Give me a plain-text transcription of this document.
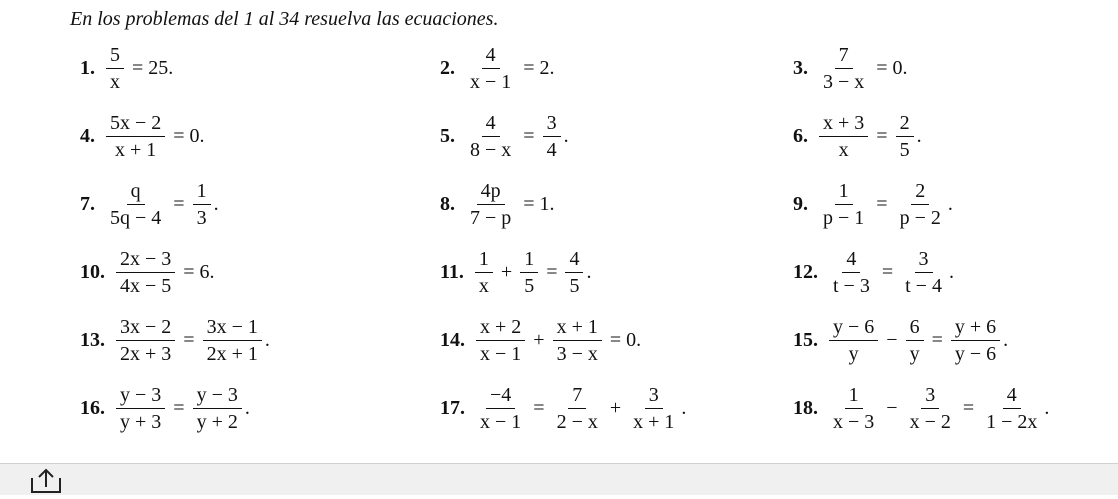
En los problemas del 1 al 34 resuelva las ecuaciones.
1. $\frac{5}{x} = 25$.	2. $\frac{4}{x - 1} = 2$.	3. $\frac{7}{3 - x} = 0$.
4. $\frac{5x - 2}{x + 1} = 0$.	5. $\frac{4}{8 - x} = \frac{3}{4}$ .	6. $\frac{x + 3}{x} = \frac{2}{5}$ .
7. $\frac{q}{5q - 4} = \frac{1}{3}$ .	8. $\frac{4p}{7 - p} = 1$.	9. $\frac{1}{p - 1} = \frac{2}{p - 2}$ .
10. $\frac{2x - 3}{4x - 5} = 6$.	11. $\frac{1}{x} + \frac{1}{5} = \frac{4}{5}$ .	12. $\frac{4}{t - 3} = \frac{3}{t - 4}$ .
13. $\frac{3x - 2}{2x + 3} = \frac{3x - 1}{2x + 1}$ .	14. $\frac{x + 2}{x - 1} + \frac{x + 1}{3 - x} = 0$.	15. $\frac{y - 6}{y} - \frac{6}{y} = \frac{y + 6}{y - 6}$ .
16. $\frac{y - 3}{y + 3} = \frac{y - 3}{y + 2}$ .	17. $\frac{-4}{x - 1} = \frac{7}{2 - x} + \frac{3}{x + 1}$ .	18. $\frac{1}{x - 3} - \frac{3}{x - 2} = \frac{4}{1 - 2x}$ .
